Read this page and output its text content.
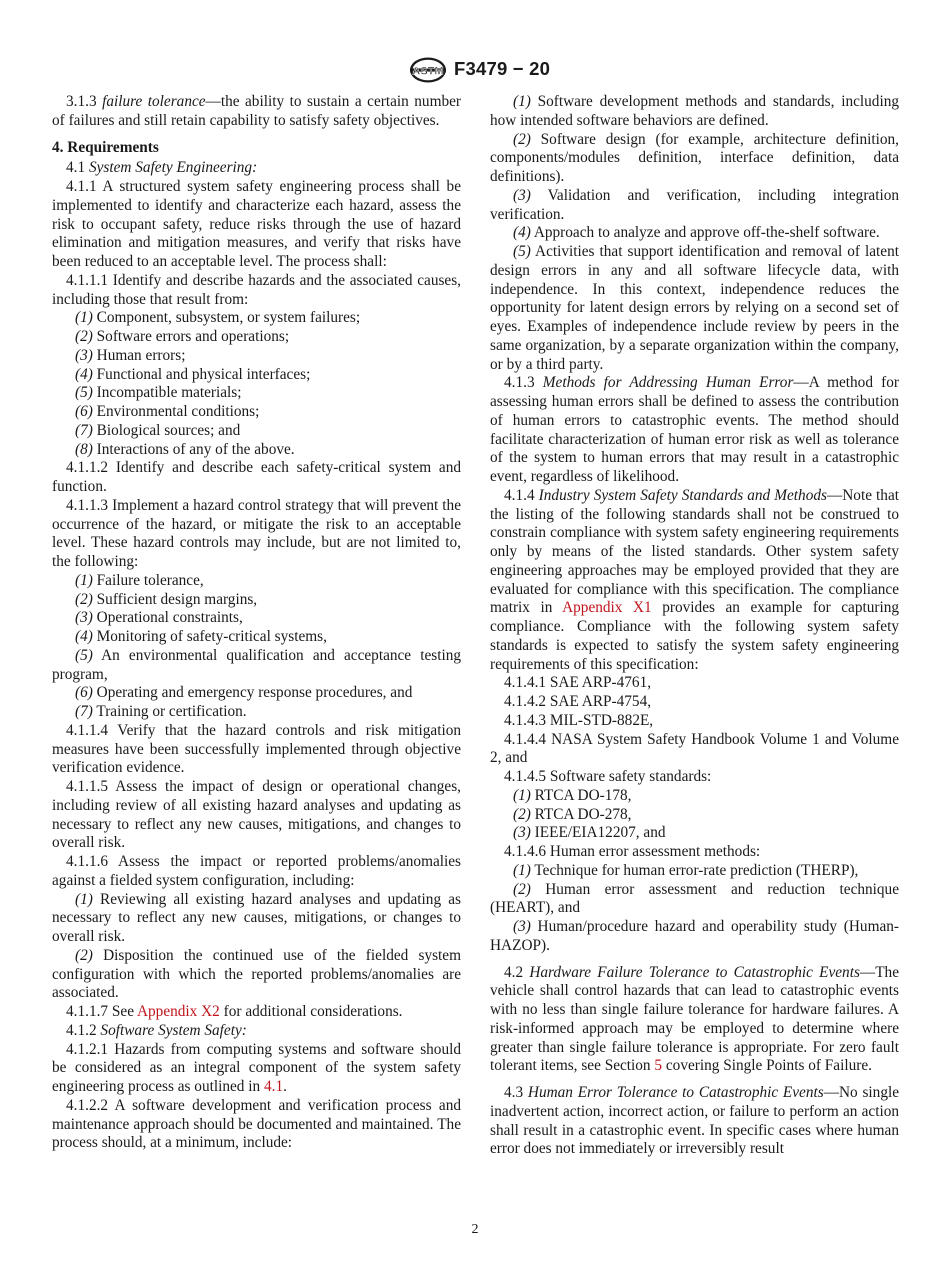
ASTM F3479 − 20
3.1.3 failure tolerance—the ability to sustain a certain number of failures and still retain capability to satisfy safety objectives.
4. Requirements
4.1 System Safety Engineering:
4.1.1 A structured system safety engineering process shall be implemented to identify and characterize each hazard, assess the risk to occupant safety, reduce risks through the use of hazard elimination and mitigation measures, and verify that risks have been reduced to an acceptable level. The process shall:
4.1.1.1 Identify and describe hazards and the associated causes, including those that result from:
(1) Component, subsystem, or system failures;
(2) Software errors and operations;
(3) Human errors;
(4) Functional and physical interfaces;
(5) Incompatible materials;
(6) Environmental conditions;
(7) Biological sources; and
(8) Interactions of any of the above.
4.1.1.2 Identify and describe each safety-critical system and function.
4.1.1.3 Implement a hazard control strategy that will prevent the occurrence of the hazard, or mitigate the risk to an acceptable level. These hazard controls may include, but are not limited to, the following:
(1) Failure tolerance,
(2) Sufficient design margins,
(3) Operational constraints,
(4) Monitoring of safety-critical systems,
(5) An environmental qualification and acceptance testing program,
(6) Operating and emergency response procedures, and
(7) Training or certification.
4.1.1.4 Verify that the hazard controls and risk mitigation measures have been successfully implemented through objective verification evidence.
4.1.1.5 Assess the impact of design or operational changes, including review of all existing hazard analyses and updating as necessary to reflect any new causes, mitigations, and changes to overall risk.
4.1.1.6 Assess the impact or reported problems/anomalies against a fielded system configuration, including:
(1) Reviewing all existing hazard analyses and updating as necessary to reflect any new causes, mitigations, or changes to overall risk.
(2) Disposition the continued use of the fielded system configuration with which the reported problems/anomalies are associated.
4.1.1.7 See Appendix X2 for additional considerations.
4.1.2 Software System Safety:
4.1.2.1 Hazards from computing systems and software should be considered as an integral component of the system safety engineering process as outlined in 4.1.
4.1.2.2 A software development and verification process and maintenance approach should be documented and maintained. The process should, at a minimum, include:
(1) Software development methods and standards, including how intended software behaviors are defined.
(2) Software design (for example, architecture definition, components/modules definition, interface definition, data definitions).
(3) Validation and verification, including integration verification.
(4) Approach to analyze and approve off-the-shelf software.
(5) Activities that support identification and removal of latent design errors in any and all software lifecycle data, with independence. In this context, independence reduces the opportunity for latent design errors by relying on a second set of eyes. Examples of independence include review by peers in the same organization, by a separate organization within the company, or by a third party.
4.1.3 Methods for Addressing Human Error—A method for assessing human errors shall be defined to assess the contribution of human errors to catastrophic events. The method should facilitate characterization of human error risk as well as tolerance of the system to human errors that may result in a catastrophic event, regardless of likelihood.
4.1.4 Industry System Safety Standards and Methods—Note that the listing of the following standards shall not be construed to constrain compliance with system safety engineering requirements only by means of the listed standards. Other system safety engineering approaches may be employed provided that they are evaluated for compliance with this specification. The compliance matrix in Appendix X1 provides an example for capturing compliance. Compliance with the following system safety standards is expected to satisfy the system safety engineering requirements of this specification:
4.1.4.1 SAE ARP-4761,
4.1.4.2 SAE ARP-4754,
4.1.4.3 MIL-STD-882E,
4.1.4.4 NASA System Safety Handbook Volume 1 and Volume 2, and
4.1.4.5 Software safety standards:
(1) RTCA DO-178,
(2) RTCA DO-278,
(3) IEEE/EIA12207, and
4.1.4.6 Human error assessment methods:
(1) Technique for human error-rate prediction (THERP),
(2) Human error assessment and reduction technique (HEART), and
(3) Human/procedure hazard and operability study (Human-HAZOP).
4.2 Hardware Failure Tolerance to Catastrophic Events—The vehicle shall control hazards that can lead to catastrophic events with no less than single failure tolerance for hardware failures. A risk-informed approach may be employed to determine where greater than single failure tolerance is appropriate. For zero fault tolerant items, see Section 5 covering Single Points of Failure.
4.3 Human Error Tolerance to Catastrophic Events—No single inadvertent action, incorrect action, or failure to perform an action shall result in a catastrophic event. In specific cases where human error does not immediately or irreversibly result
2
